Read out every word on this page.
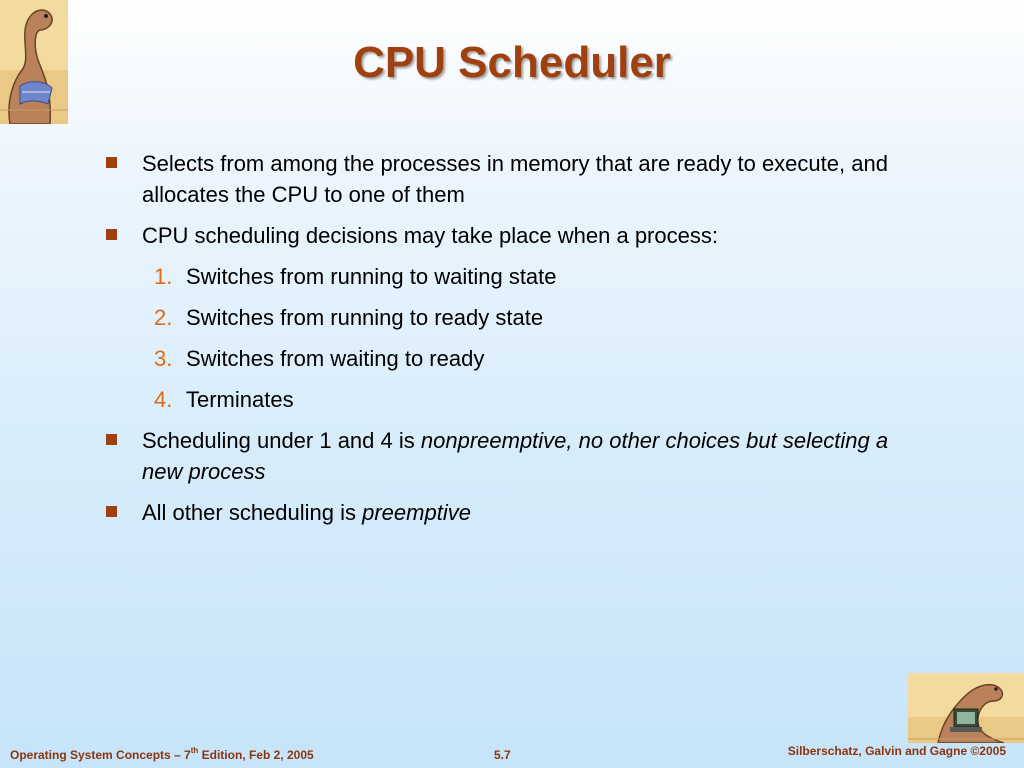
CPU Scheduler
Selects from among the processes in memory that are ready to execute, and allocates the CPU to one of them
CPU scheduling decisions may take place when a process:
1. Switches from running to waiting state
2. Switches from running to ready state
3. Switches from waiting to ready
4. Terminates
Scheduling under 1 and 4 is nonpreemptive, no other choices but selecting a new process
All other scheduling is preemptive
Operating System Concepts – 7th Edition, Feb 2, 2005	5.7	Silberschatz, Galvin and Gagne ©2005
